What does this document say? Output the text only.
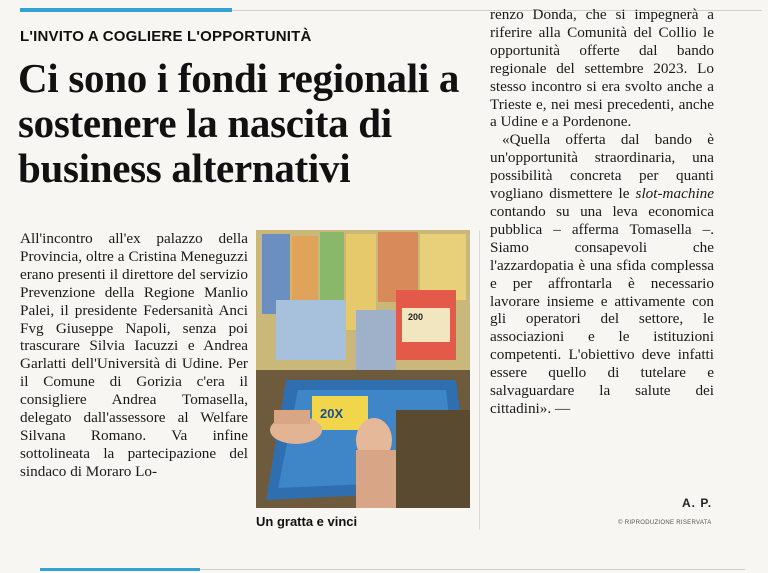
L'INVITO A COGLIERE L'OPPORTUNITÀ
Ci sono i fondi regionali a sostenere la nascita di business alternativi

All'incontro all'ex palazzo della Provincia, oltre a Cristina Meneguzzi erano presenti il direttore del servizio Prevenzione della Regione Manlio Palei, il presidente Federsanità Anci Fvg Giuseppe Napoli, senza poi trascurare Silvia Iacuzzi e Andrea Garlatti dell'Università di Udine. Per il Comune di Gorizia c'era il consigliere Andrea Tomasella, delegato dall'assessore al Welfare Silvana Romano. Va infine sottolineata la partecipazione del sindaco di Moraro Lo-

200
20X
Un gratta e vinci

renzo Donda, che si impegnerà a riferire alla Comunità del Collio le opportunità offerte dal bando regionale del settembre 2023. Lo stesso incontro si era svolto anche a Trieste e, nei mesi precedenti, anche a Udine e a Pordenone.

«Quella offerta dal bando è un'opportunità straordinaria, una possibilità concreta per quanti vogliano dismettere le slot-machine contando su una leva economica pubblica – afferma Tomasella –. Siamo consapevoli che l'azzardopatia è una sfida complessa e per affrontarla è necessario lavorare insieme e attivamente con gli operatori del settore, le associazioni e le istituzioni competenti. L'obiettivo deve infatti essere quello di tutelare e salvaguardare la salute dei cittadini». —

A. P.
© RIPRODUZIONE RISERVATA
